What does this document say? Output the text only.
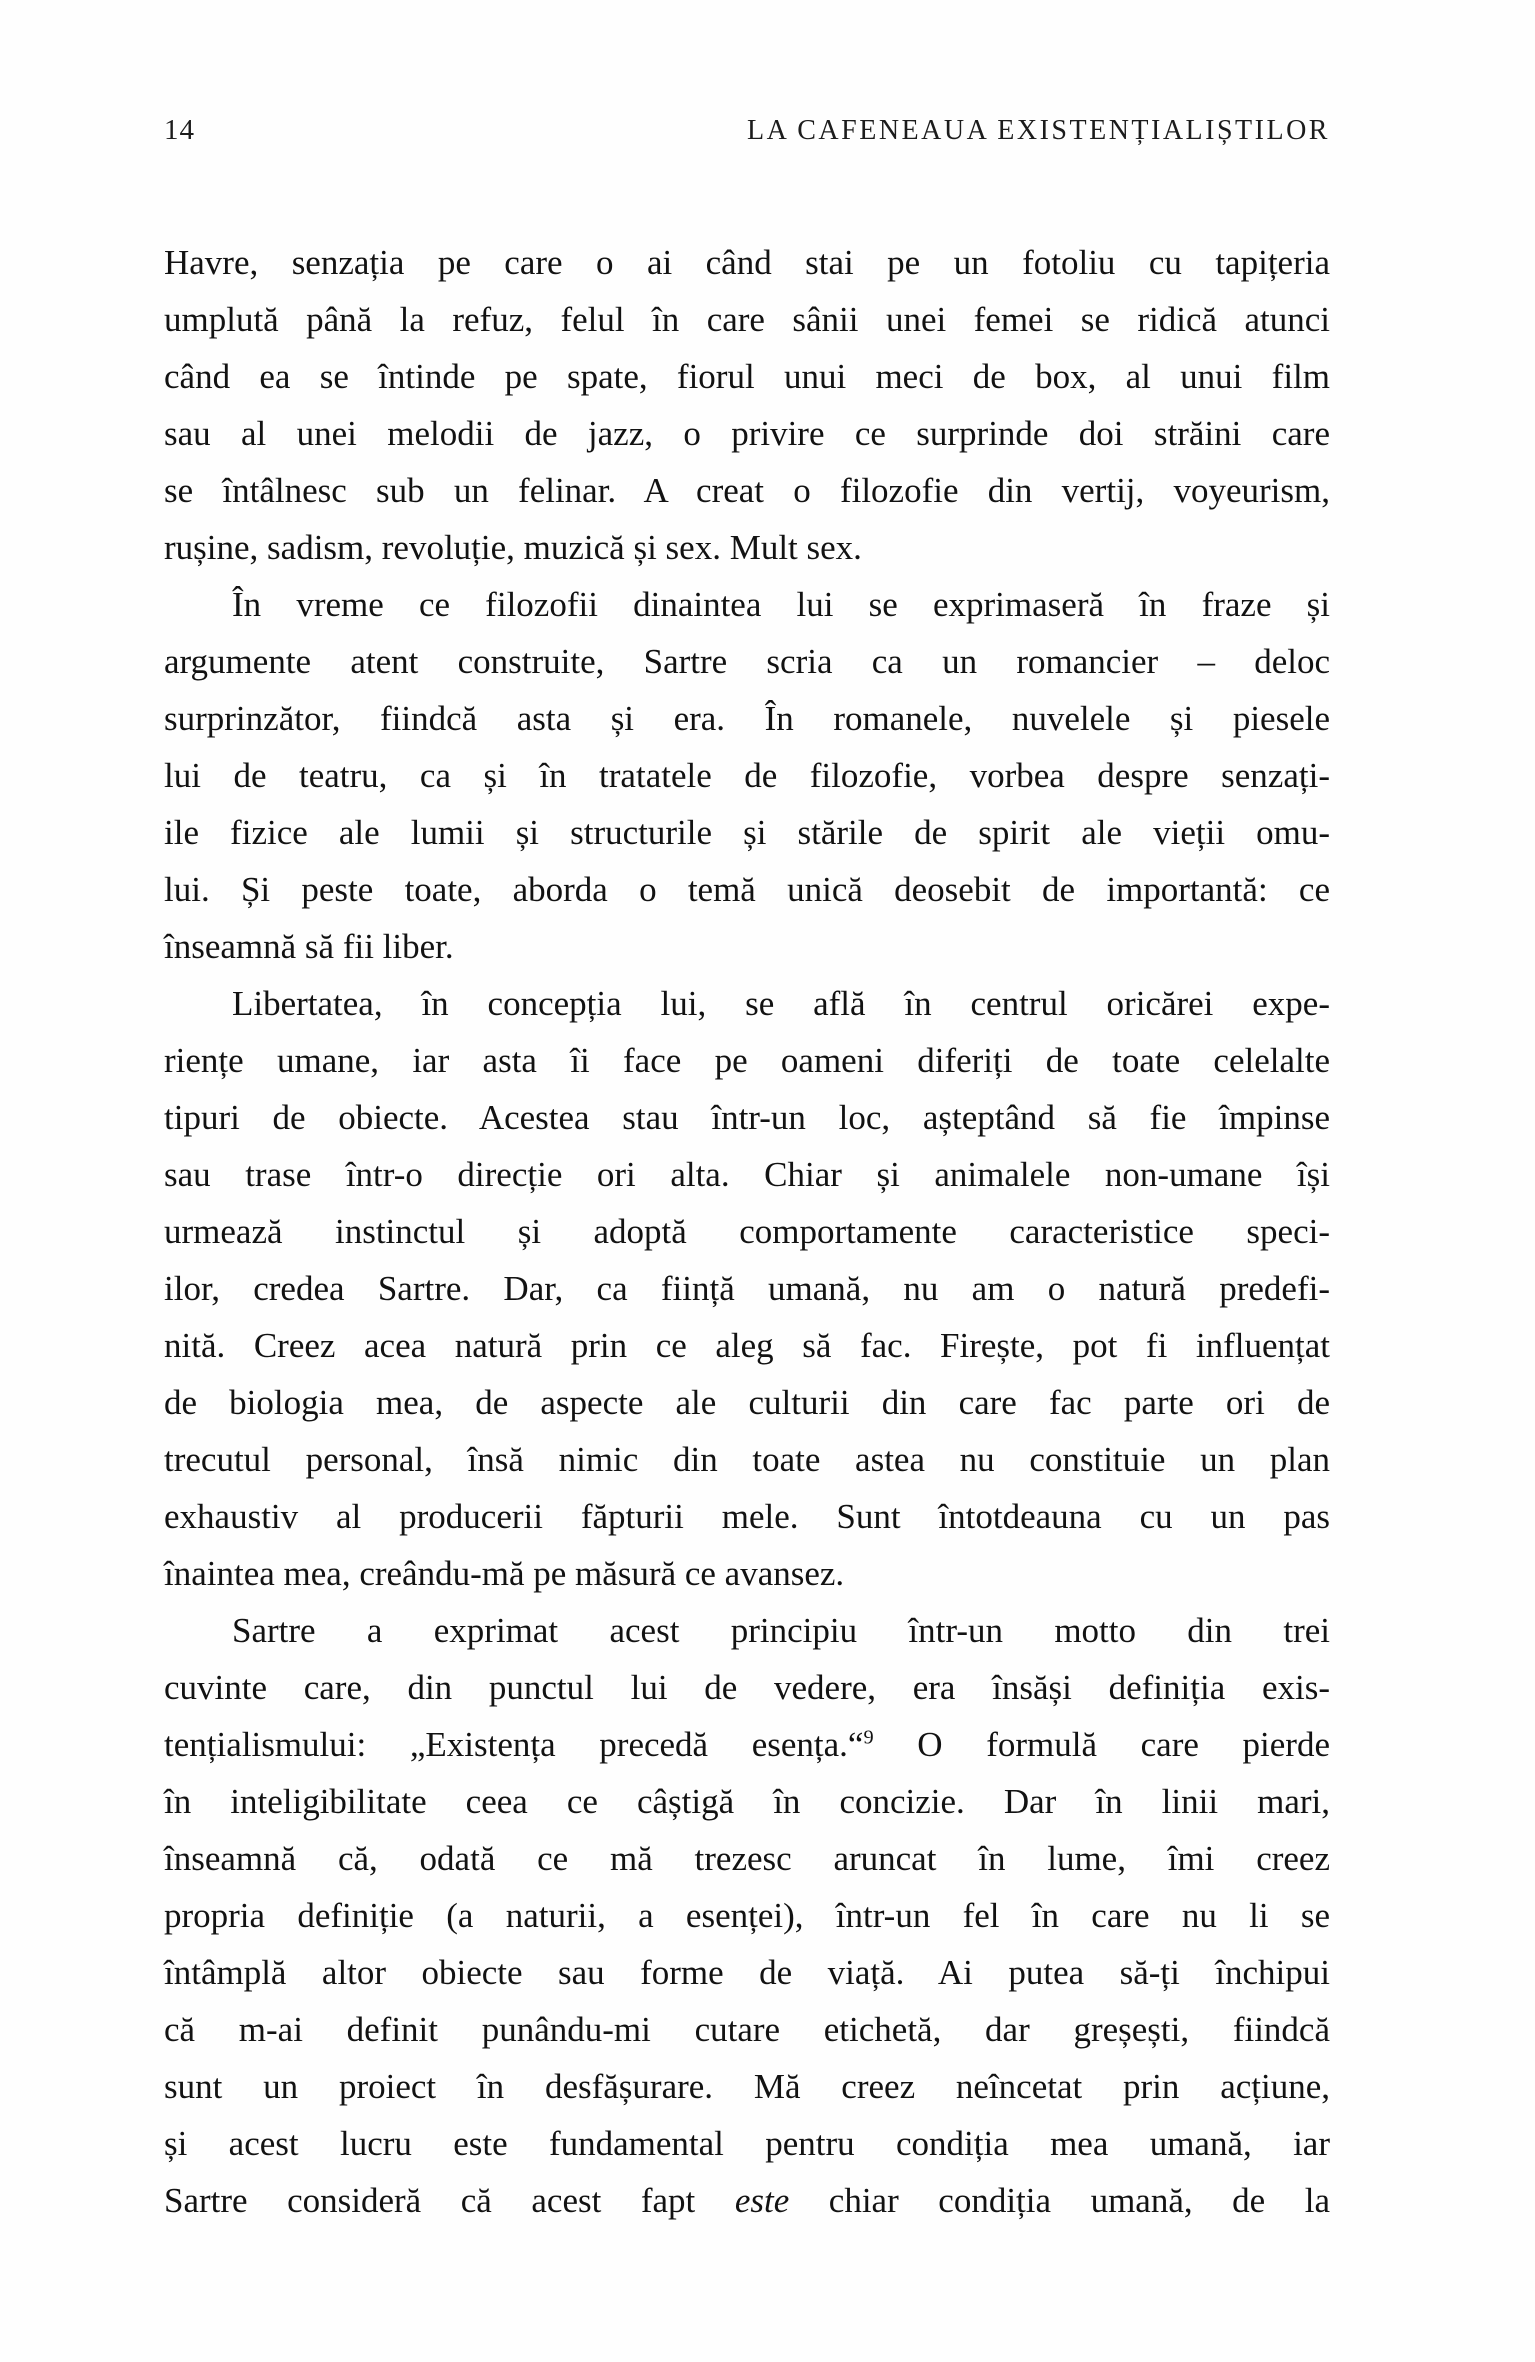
14	LA CAFENEAUA EXISTENȚIALIȘTILOR
Havre, senzația pe care o ai când stai pe un fotoliu cu tapițeria
umplută până la refuz, felul în care sânii unei femei se ridică atunci
când ea se întinde pe spate, fiorul unui meci de box, al unui film
sau al unei melodii de jazz, o privire ce surprinde doi străini care
se întâlnesc sub un felinar. A creat o filozofie din vertij, voyeurism,
rușine, sadism, revoluție, muzică și sex. Mult sex.
În vreme ce filozofii dinaintea lui se exprimaseră în fraze și
argumente atent construite, Sartre scria ca un romancier – deloc
surprinzător, fiindcă asta și era. În romanele, nuvelele și piesele
lui de teatru, ca și în tratatele de filozofie, vorbea despre senzați-
ile fizice ale lumii și structurile și stările de spirit ale vieții omu-
lui. Și peste toate, aborda o temă unică deosebit de importantă: ce
înseamnă să fii liber.
Libertatea, în concepția lui, se află în centrul oricărei expe-
riențe umane, iar asta îi face pe oameni diferiți de toate celelalte
tipuri de obiecte. Acestea stau într-un loc, așteptând să fie împinse
sau trase într-o direcție ori alta. Chiar și animalele non-umane își
urmează instinctul și adoptă comportamente caracteristice speci-
ilor, credea Sartre. Dar, ca ființă umană, nu am o natură predefi-
nită. Creez acea natură prin ce aleg să fac. Firește, pot fi influențat
de biologia mea, de aspecte ale culturii din care fac parte ori de
trecutul personal, însă nimic din toate astea nu constituie un plan
exhaustiv al producerii făpturii mele. Sunt întotdeauna cu un pas
înaintea mea, creându-mă pe măsură ce avansez.
Sartre a exprimat acest principiu într-un motto din trei
cuvinte care, din punctul lui de vedere, era însăși definiția exis-
tențialismului: „Existența precedă esența.“$^9$ O formulă care pierde
în inteligibilitate ceea ce câștigă în concizie. Dar în linii mari,
înseamnă că, odată ce mă trezesc aruncat în lume, îmi creez
propria definiție (a naturii, a esenței), într-un fel în care nu li se
întâmplă altor obiecte sau forme de viață. Ai putea să-ți închipui
că m-ai definit punându-mi cutare etichetă, dar greșești, fiindcă
sunt un proiect în desfășurare. Mă creez neîncetat prin acțiune,
și acest lucru este fundamental pentru condiția mea umană, iar
Sartre consideră că acest fapt este chiar condiția umană, de la
